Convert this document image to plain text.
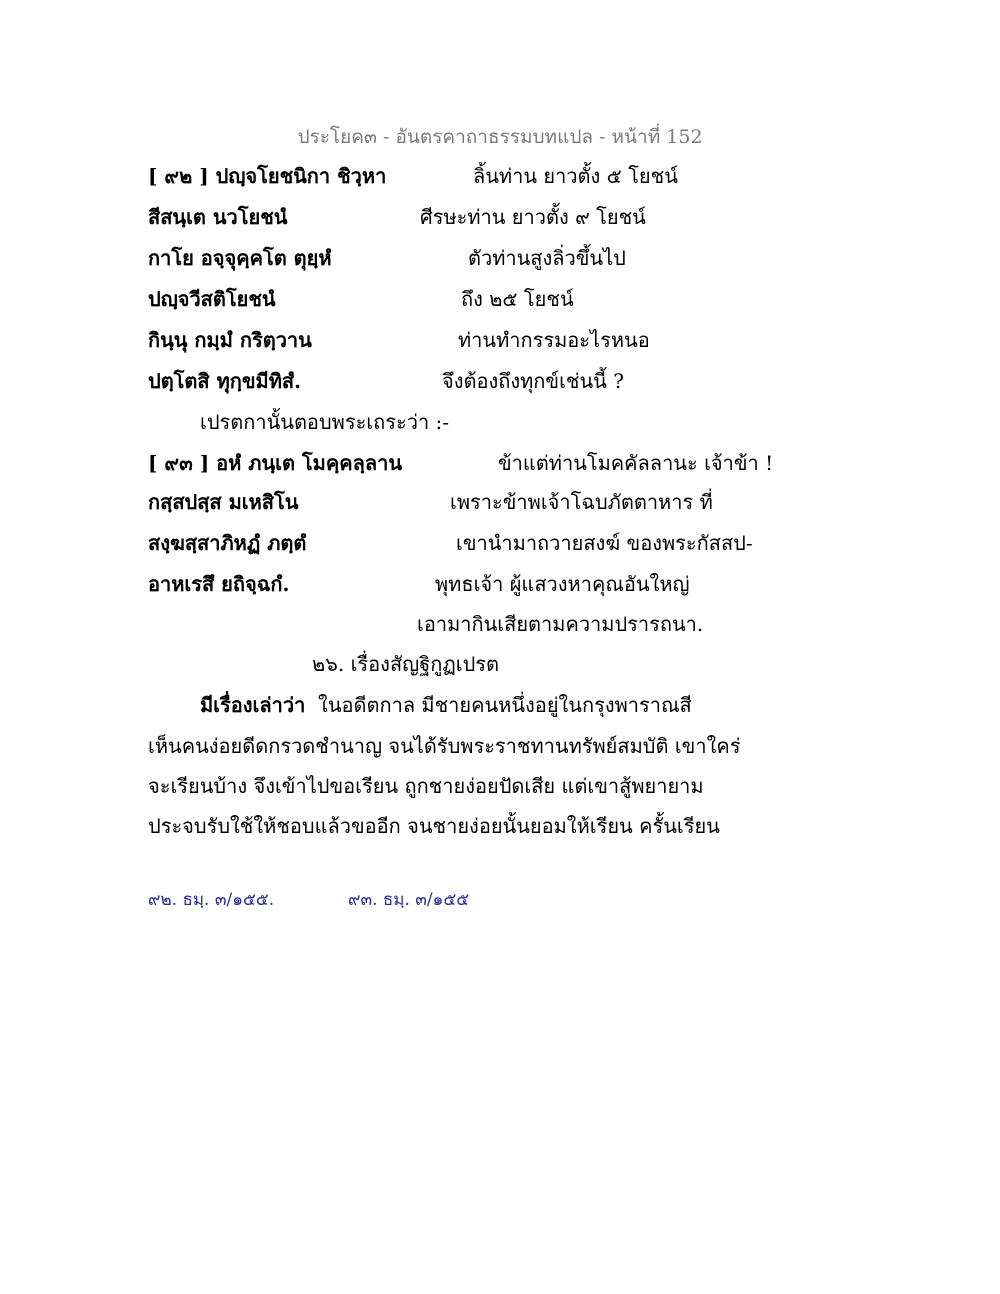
ประโยค๓ - อันตรคาถาธรรมบทแปล - หน้าที่ 152
[ ๙๒ ] ปญฺจโยชนิกา ชิวฺหา	ลิ้นท่าน ยาวตั้ง ๕ โยชน์
สีสนฺเต นวโยชนํ	ศีรษะท่าน ยาวตั้ง ๙ โยชน์
กาโย อจฺจุคฺคโต ตุยฺหํ	ตัวท่านสูงลิ่วขึ้นไป
ปญฺจวีสติโยชนํ	ถึง ๒๕ โยชน์
กินฺนุ กมฺมํ กริตฺวาน	ท่านทำกรรมอะไรหนอ
ปตฺโตสิ ทุกฺขมีทิสํ.	จึงต้องถึงทุกข์เช่นนี้ ?
เปรตกานั้นตอบพระเถระว่า :-
[ ๙๓ ] อหํ ภนฺเต โมคฺคลฺลาน	ข้าแต่ท่านโมคคัลลานะ เจ้าข้า !
กสฺสปสฺส มเหสิโน	เพราะข้าพเจ้าโฉบภัตตาหาร ที่
สงฺฆสฺสาภิหฏํ ภตฺตํ	เขานำมาถวายสงฆ์ ของพระกัสสป-
อาหเรสึ ยถิจฺฉกํ.	พุทธเจ้า ผู้แสวงหาคุณอันใหญ่
เอามากินเสียตามความปรารถนา.
๒๖. เรื่องสัญฐิกูฏเปรต
มีเรื่องเล่าว่า ในอดีตกาล มีชายคนหนึ่งอยู่ในกรุงพาราณสี
เห็นคนง่อยดีดกรวดชำนาญ จนได้รับพระราชทานทรัพย์สมบัติ เขาใคร่
จะเรียนบ้าง จึงเข้าไปขอเรียน ถูกชายง่อยปัดเสีย แต่เขาสู้พยายาม
ประจบรับใช้ให้ชอบแล้วขออีก จนชายง่อยนั้นยอมให้เรียน ครั้นเรียน
๙๒. ธมฺ. ๓/๑๕๕.	๙๓. ธมฺ. ๓/๑๕๕
